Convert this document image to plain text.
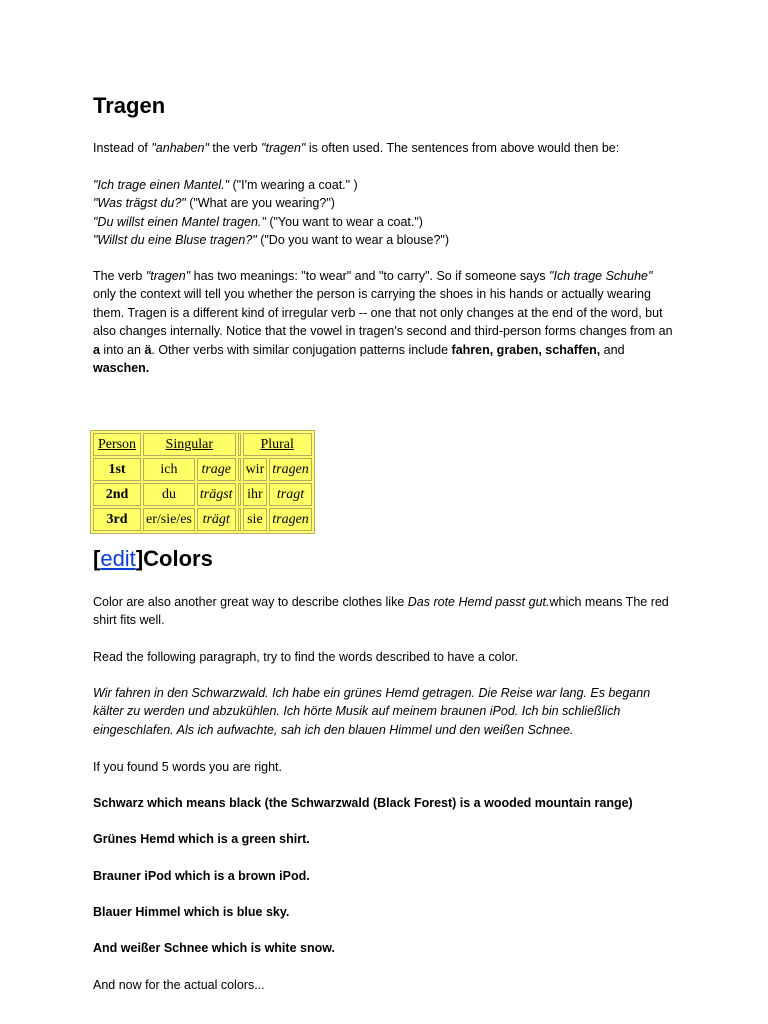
Tragen

Instead of "anhaben" the verb "tragen" is often used. The sentences from above would then be:

"Ich trage einen Mantel." ("I'm wearing a coat." )
"Was trägst du?" ("What are you wearing?")
"Du willst einen Mantel tragen." ("You want to wear a coat.")
"Willst du eine Bluse tragen?" ("Do you want to wear a blouse?")

The verb "tragen" has two meanings: "to wear" and "to carry". So if someone says "Ich trage Schuhe" only the context will tell you whether the person is carrying the shoes in his hands or actually wearing them. Tragen is a different kind of irregular verb -- one that not only changes at the end of the word, but also changes internally. Notice that the vowel in tragen's second and third-person forms changes from an a into an ä. Other verbs with similar conjugation patterns include fahren, graben, schaffen, and waschen.

Person	Singular			Plural	
1st	ich	trage		wir	tragen
2nd	du	trägst		ihr	tragt
3rd	er/sie/es	trägt		sie	tragen
[edit]Colors

Color are also another great way to describe clothes like Das rote Hemd passt gut.which means The red shirt fits well.

Read the following paragraph, try to find the words described to have a color.

Wir fahren in den Schwarzwald. Ich habe ein grünes Hemd getragen. Die Reise war lang. Es begann kälter zu werden und abzukühlen. Ich hörte Musik auf meinem braunen iPod. Ich bin schließlich eingeschlafen. Als ich aufwachte, sah ich den blauen Himmel und den weißen Schnee.

If you found 5 words you are right.

Schwarz which means black (the Schwarzwald (Black Forest) is a wooded mountain range)

Grünes Hemd which is a green shirt.

Brauner iPod which is a brown iPod.

Blauer Himmel which is blue sky.

And weißer Schnee which is white snow.

And now for the actual colors...
